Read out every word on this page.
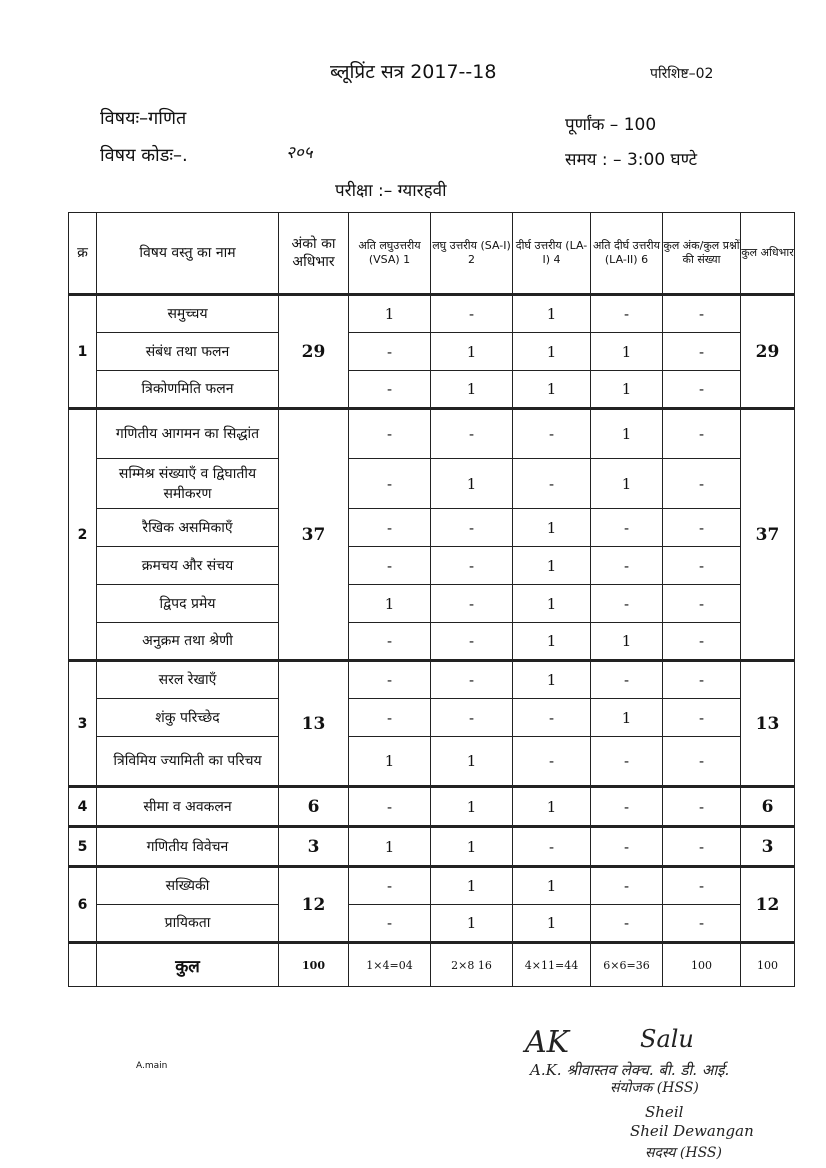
ब्लूप्रिंट सत्र 2017--18	परिशिष्ट–02
विषयः–गणित	पूर्णांक – 100
विषय कोडः–.	२०५	समय : – 3:00 घण्टे
परीक्षा :– ग्यारहवी
क्र	विषय वस्तु का नाम	अंको का अधिभार	अति लघुउत्तरीय (VSA) 1	लघु उत्तरीय (SA-I) 2	दीर्घ उत्तरीय (LA-I) 4	अति दीर्घ उत्तरीय (LA-II) 6	कुल अंक/कुल प्रश्नों की संख्या	कुल अधिभार
1	समुच्चय	29	1	-	1	-	-	29
	संबंध तथा फलन		-	1	1	1	-	
	त्रिकोणमिति फलन		-	1	1	1	-	
2	गणितीय आगमन का सिद्धांत	37	-	-	-	1	-	37
	सम्मिश्र संख्याएँ व द्विघातीय समीकरण		-	1	-	1	-	
	रैखिक असमिकाएँ		-	-	1	-	-	
	क्रमचय और संचय		-	-	1	-	-	
	द्विपद प्रमेय		1	-	1	-	-	
	अनुक्रम तथा श्रेणी		-	-	1	1	-	
3	सरल रेखाएँ	13	-	-	1	-	-	13
	शंकु परिच्छेद		-	-	-	1	-	
	त्रिविमिय ज्यामिती का परिचय		1	1	-	-	-	
4	सीमा व अवकलन	6	-	1	1	-	-	6
5	गणितीय विवेचन	3	1	1	-	-	-	3
6	सख्यिकी	12	-	1	1	-	-	12
	प्रायिकता		-	1	1	-	-	
	कुल	100	1×4=04	2×8 16	4×11=44	6×6=36	100	100
A.main
AK	Salu
A.K. श्रीवास्तव लेक्च. बी. डी. आई.
संयोजक (HSS)
Sheil
Sheil Dewangan
सदस्य (HSS)
